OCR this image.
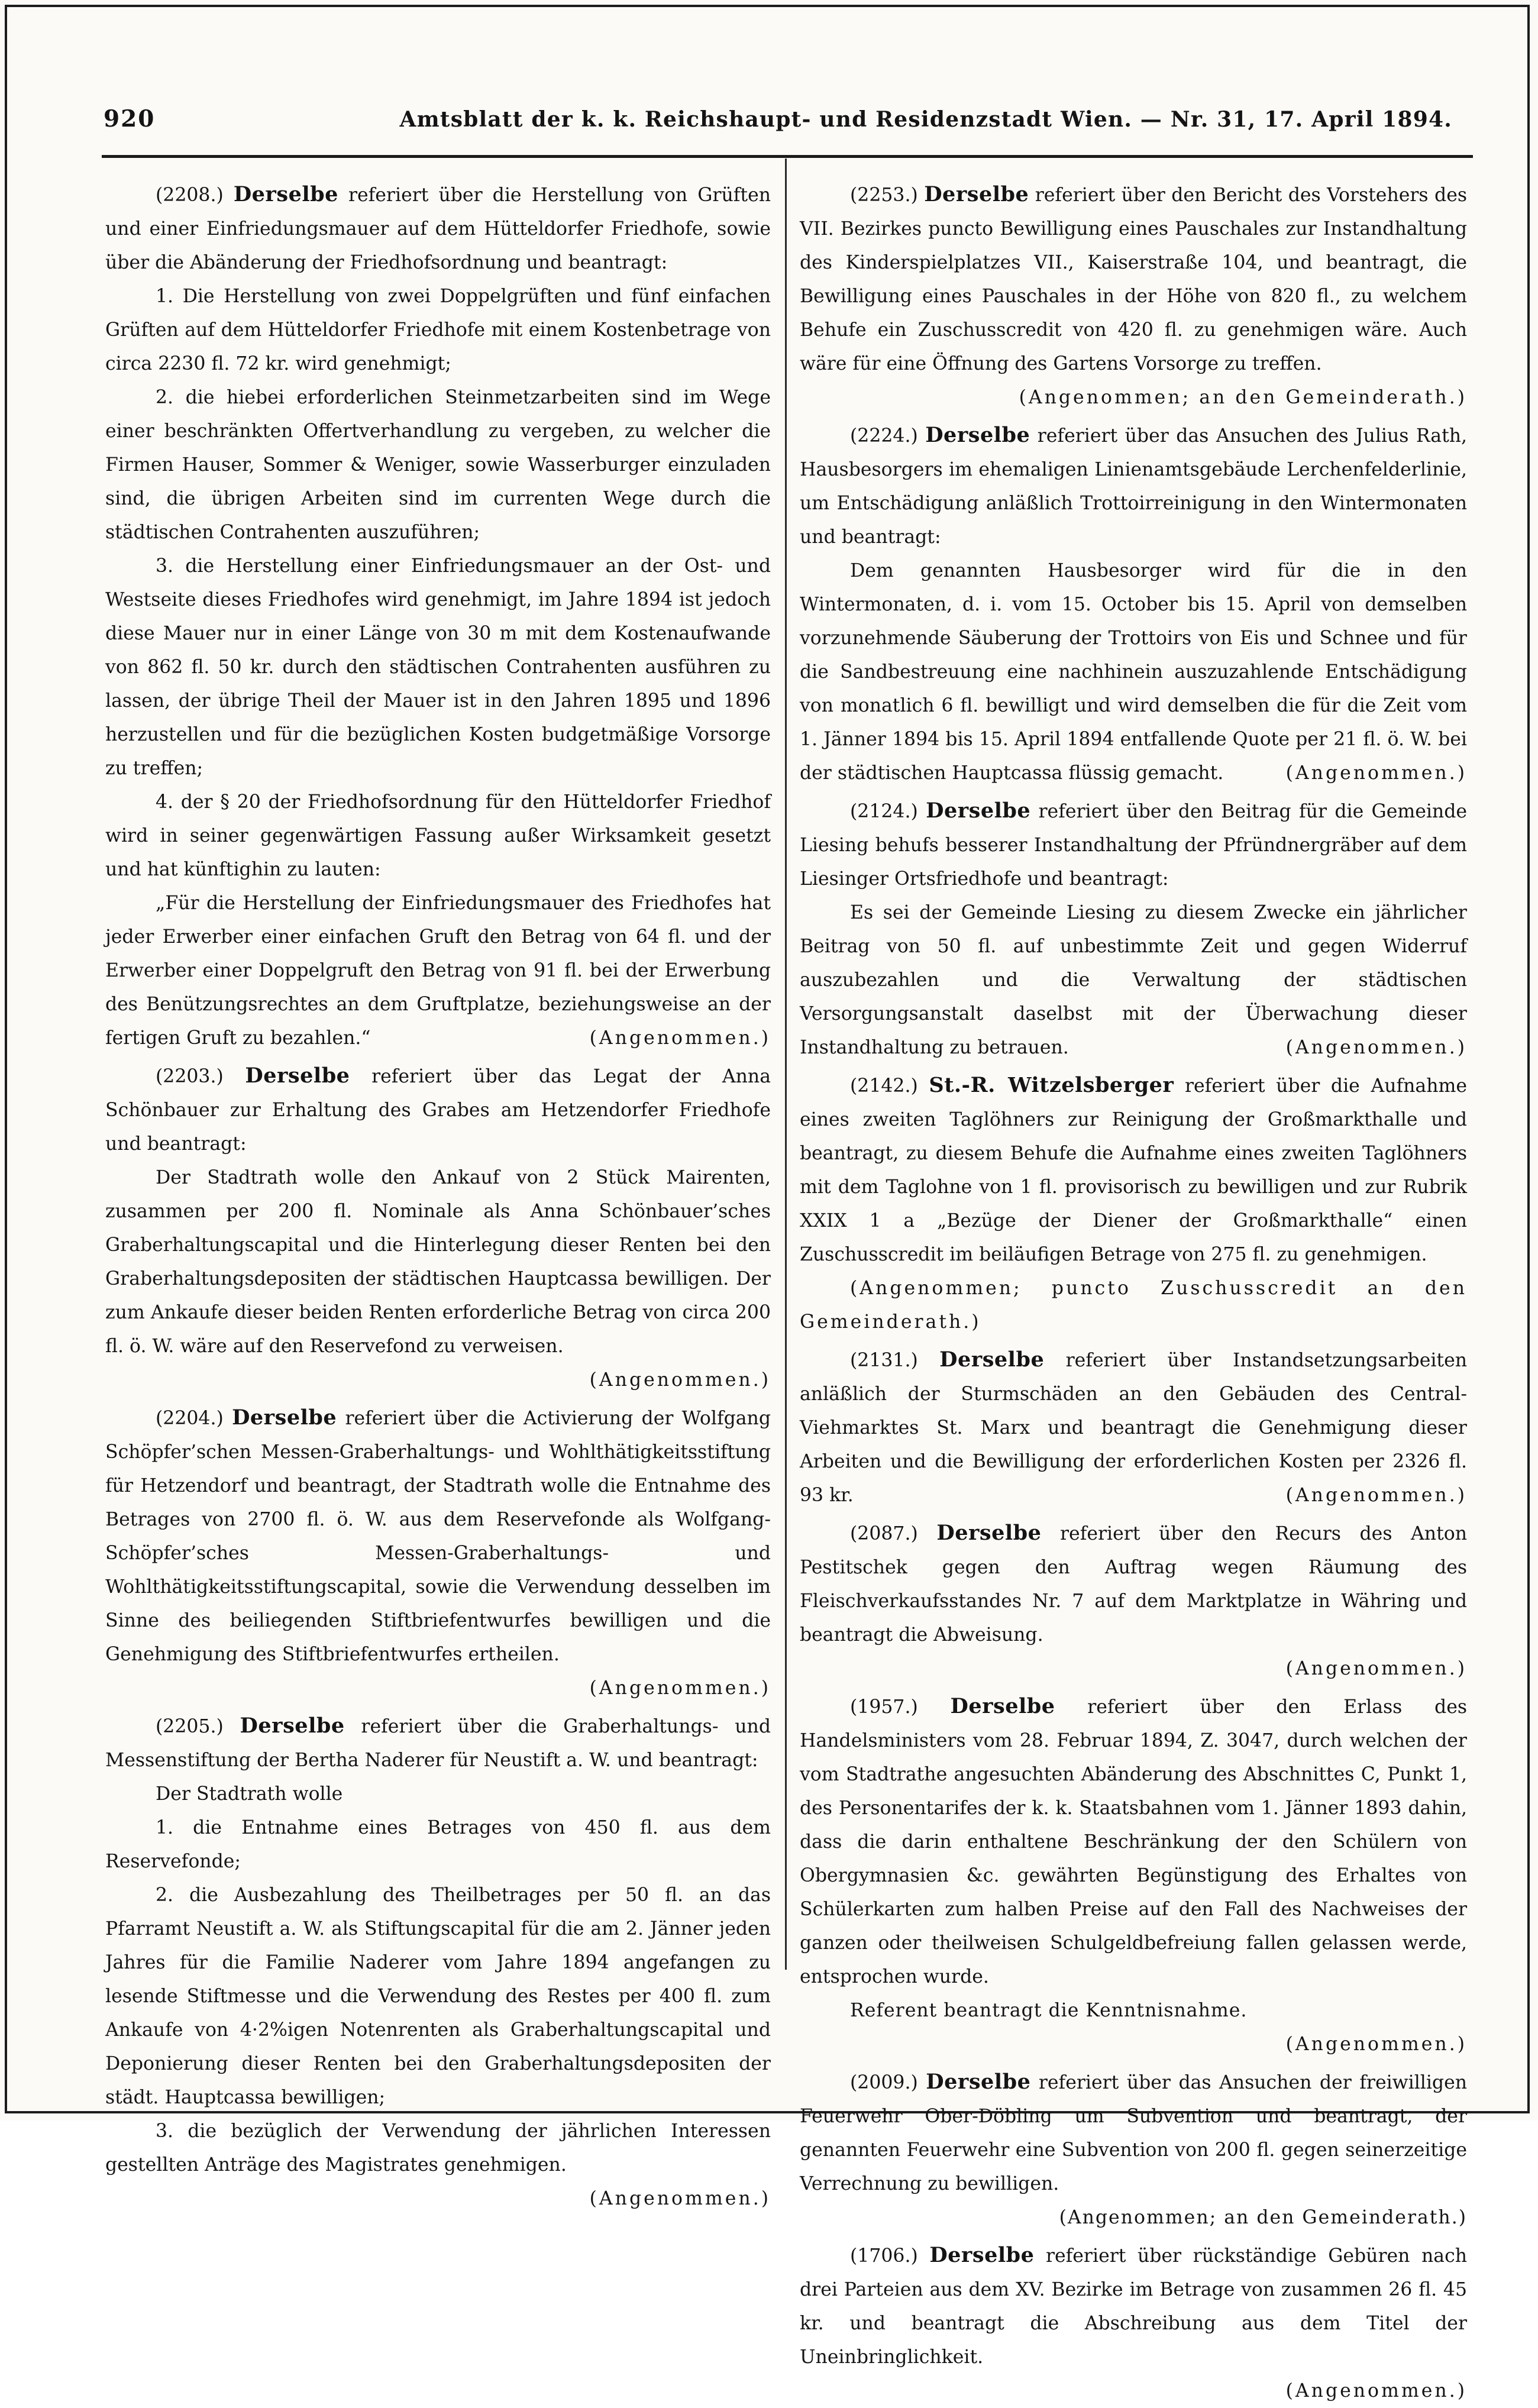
920	Amtsblatt der k. k. Reichshaupt- und Residenzstadt Wien. — Nr. 31, 17. April 1894.

(2208.) Derselbe referiert über die Herstellung von Grüften und einer Einfriedungsmauer auf dem Hütteldorfer Friedhofe, sowie über die Abänderung der Friedhofsordnung und beantragt:

1. Die Herstellung von zwei Doppelgrüften und fünf einfachen Grüften auf dem Hütteldorfer Friedhofe mit einem Kostenbetrage von circa 2230 fl. 72 kr. wird genehmigt;

2. die hiebei erforderlichen Steinmetzarbeiten sind im Wege einer beschränkten Offertverhandlung zu vergeben, zu welcher die Firmen Hauser, Sommer & Weniger, sowie Wasserburger einzuladen sind, die übrigen Arbeiten sind im currenten Wege durch die städtischen Contrahenten auszuführen;

3. die Herstellung einer Einfriedungsmauer an der Ost- und Westseite dieses Friedhofes wird genehmigt, im Jahre 1894 ist jedoch diese Mauer nur in einer Länge von 30 m mit dem Kostenaufwande von 862 fl. 50 kr. durch den städtischen Contrahenten ausführen zu lassen, der übrige Theil der Mauer ist in den Jahren 1895 und 1896 herzustellen und für die bezüglichen Kosten budgetmäßige Vorsorge zu treffen;

4. der § 20 der Friedhofsordnung für den Hütteldorfer Friedhof wird in seiner gegenwärtigen Fassung außer Wirksamkeit gesetzt und hat künftighin zu lauten:

„Für die Herstellung der Einfriedungsmauer des Friedhofes hat jeder Erwerber einer einfachen Gruft den Betrag von 64 fl. und der Erwerber einer Doppelgruft den Betrag von 91 fl. bei der Erwerbung des Benützungsrechtes an dem Gruftplatze, beziehungsweise an der fertigen Gruft zu bezahlen.“	(Angenommen.)

(2203.) Derselbe referiert über das Legat der Anna Schönbauer zur Erhaltung des Grabes am Hetzendorfer Friedhofe und beantragt:

Der Stadtrath wolle den Ankauf von 2 Stück Mairenten, zusammen per 200 fl. Nominale als Anna Schönbauer’sches Graberhaltungscapital und die Hinterlegung dieser Renten bei den Graberhaltungsdepositen der städtischen Hauptcassa bewilligen. Der zum Ankaufe dieser beiden Renten erforderliche Betrag von circa 200 fl. ö. W. wäre auf den Reservefond zu verweisen.
(Angenommen.)

(2204.) Derselbe referiert über die Activierung der Wolfgang Schöpfer’schen Messen-Graberhaltungs- und Wohlthätigkeitsstiftung für Hetzendorf und beantragt, der Stadtrath wolle die Entnahme des Betrages von 2700 fl. ö. W. aus dem Reservefonde als Wolfgang-Schöpfer’sches Messen-Graberhaltungs- und Wohlthätigkeitsstiftungscapital, sowie die Verwendung desselben im Sinne des beiliegenden Stiftbriefentwurfes bewilligen und die Genehmigung des Stiftbriefentwurfes ertheilen.
(Angenommen.)

(2205.) Derselbe referiert über die Graberhaltungs- und Messenstiftung der Bertha Naderer für Neustift a. W. und beantragt:

Der Stadtrath wolle

1. die Entnahme eines Betrages von 450 fl. aus dem Reservefonde;

2. die Ausbezahlung des Theilbetrages per 50 fl. an das Pfarramt Neustift a. W. als Stiftungscapital für die am 2. Jänner jeden Jahres für die Familie Naderer vom Jahre 1894 angefangen zu lesende Stiftmesse und die Verwendung des Restes per 400 fl. zum Ankaufe von 4·2%igen Notenrenten als Graberhaltungscapital und Deponierung dieser Renten bei den Graberhaltungsdepositen der städt. Hauptcassa bewilligen;

3. die bezüglich der Verwendung der jährlichen Interessen gestellten Anträge des Magistrates genehmigen.
(Angenommen.)

(2253.) Derselbe referiert über den Bericht des Vorstehers des VII. Bezirkes puncto Bewilligung eines Pauschales zur Instandhaltung des Kinderspielplatzes VII., Kaiserstraße 104, und beantragt, die Bewilligung eines Pauschales in der Höhe von 820 fl., zu welchem Behufe ein Zuschusscredit von 420 fl. zu genehmigen wäre. Auch wäre für eine Öffnung des Gartens Vorsorge zu treffen.

(Angenommen; an den Gemeinderath.)

(2224.) Derselbe referiert über das Ansuchen des Julius Rath, Hausbesorgers im ehemaligen Linienamtsgebäude Lerchenfelderlinie, um Entschädigung anläßlich Trottoirreinigung in den Wintermonaten und beantragt:

Dem genannten Hausbesorger wird für die in den Wintermonaten, d. i. vom 15. October bis 15. April von demselben vorzunehmende Säuberung der Trottoirs von Eis und Schnee und für die Sandbestreuung eine nachhinein auszuzahlende Entschädigung von monatlich 6 fl. bewilligt und wird demselben die für die Zeit vom 1. Jänner 1894 bis 15. April 1894 entfallende Quote per 21 fl. ö. W. bei der städtischen Hauptcassa flüssig gemacht.	(Angenommen.)

(2124.) Derselbe referiert über den Beitrag für die Gemeinde Liesing behufs besserer Instandhaltung der Pfründnergräber auf dem Liesinger Ortsfriedhofe und beantragt:

Es sei der Gemeinde Liesing zu diesem Zwecke ein jährlicher Beitrag von 50 fl. auf unbestimmte Zeit und gegen Widerruf auszubezahlen und die Verwaltung der städtischen Versorgungsanstalt daselbst mit der Überwachung dieser Instandhaltung zu betrauen.	(Angenommen.)

(2142.) St.-R. Witzelsberger referiert über die Aufnahme eines zweiten Taglöhners zur Reinigung der Großmarkthalle und beantragt, zu diesem Behufe die Aufnahme eines zweiten Taglöhners mit dem Taglohne von 1 fl. provisorisch zu bewilligen und zur Rubrik XXIX 1 a „Bezüge der Diener der Großmarkthalle“ einen Zuschusscredit im beiläufigen Betrage von 275 fl. zu genehmigen.

(Angenommen; puncto Zuschusscredit an den Gemeinderath.)

(2131.) Derselbe referiert über Instandsetzungsarbeiten anläßlich der Sturmschäden an den Gebäuden des Central-Viehmarktes St. Marx und beantragt die Genehmigung dieser Arbeiten und die Bewilligung der erforderlichen Kosten per 2326 fl. 93 kr.	(Angenommen.)

(2087.) Derselbe referiert über den Recurs des Anton Pestitschek gegen den Auftrag wegen Räumung des Fleischverkaufsstandes Nr. 7 auf dem Marktplatze in Währing und beantragt die Abweisung.

(Angenommen.)

(1957.) Derselbe referiert über den Erlass des Handelsministers vom 28. Februar 1894, Z. 3047, durch welchen der vom Stadtrathe angesuchten Abänderung des Abschnittes C, Punkt 1, des Personentarifes der k. k. Staatsbahnen vom 1. Jänner 1893 dahin, dass die darin enthaltene Beschränkung der den Schülern von Obergymnasien &c. gewährten Begünstigung des Erhaltes von Schülerkarten zum halben Preise auf den Fall des Nachweises der ganzen oder theilweisen Schulgeldbefreiung fallen gelassen werde, entsprochen wurde.

Referent beantragt die Kenntnisnahme.
(Angenommen.)

(2009.) Derselbe referiert über das Ansuchen der freiwilligen Feuerwehr Ober-Döbling um Subvention und beantragt, der genannten Feuerwehr eine Subvention von 200 fl. gegen seinerzeitige Verrechnung zu bewilligen.
(Angenommen; an den Gemeinderath.)

(1706.) Derselbe referiert über rückständige Gebüren nach drei Parteien aus dem XV. Bezirke im Betrage von zusammen 26 fl. 45 kr. und beantragt die Abschreibung aus dem Titel der Uneinbringlichkeit.

(Angenommen.)
